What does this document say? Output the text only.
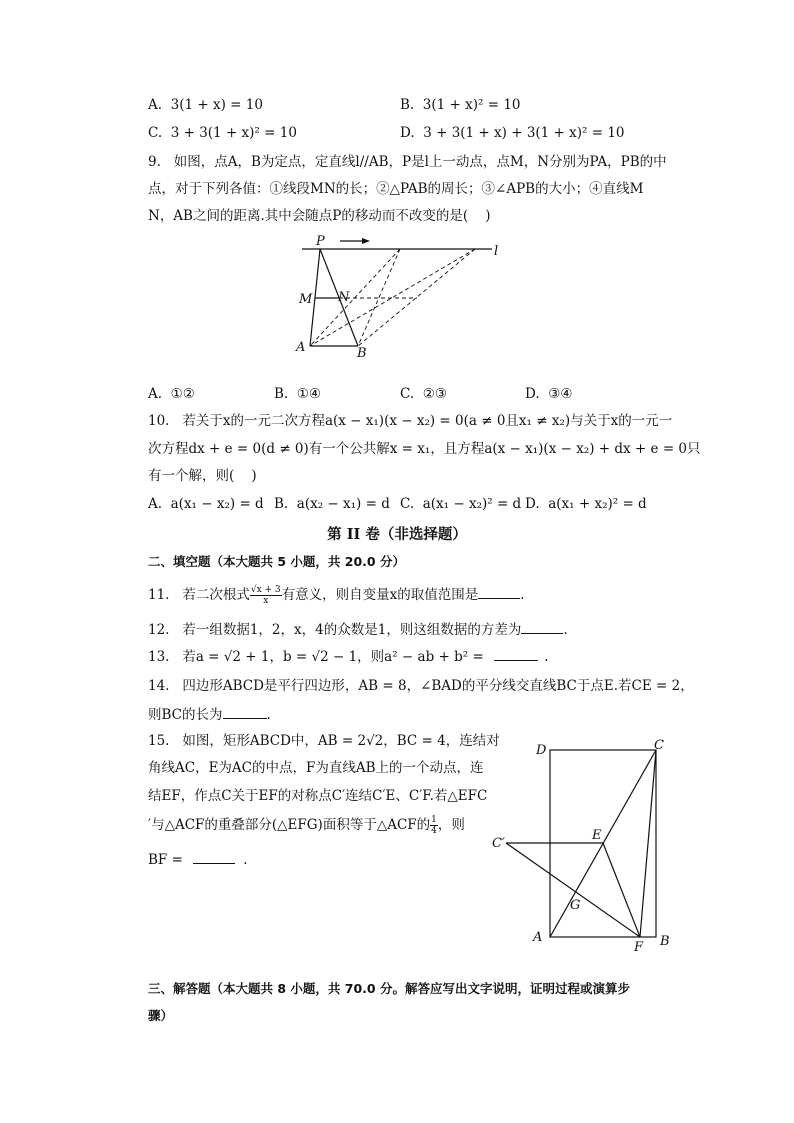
A.  3(1 + x) = 10	B.  3(1 + x)² = 10
C.  3 + 3(1 + x)² = 10	D.  3 + 3(1 + x) + 3(1 + x)² = 10
9.   如图，点A，B为定点，定直线l//AB，P是l上一动点，点M，N分别为PA，PB的中
点，对于下列各值：①线段MN的长；②△PAB的周长；③∠APB的大小；④直线M
N，AB之间的距离.其中会随点P的移动而不改变的是(    )
P
l
M N
A	B
A.  ①②	B.  ①④	C.  ②③	D.  ③④
10.   若关于x的一元二次方程a(x − x₁)(x − x₂) = 0(a ≠ 0且x₁ ≠ x₂)与关于x的一元一
次方程dx + e = 0(d ≠ 0)有一个公共解x = x₁，且方程a(x − x₁)(x − x₂) + dx + e = 0只
有一个解，则(    )
A.  a(x₁ − x₂) = d B.  a(x₂ − x₁) = d C.  a(x₁ − x₂)² = d D.  a(x₁ + x₂)² = d
第 II 卷（非选择题）
二、填空题（本大题共 5 小题，共 20.0 分）
11.   若二次根式 $\frac{√x + 3}{x}$ 有意义，则自变量x的取值范围是	.
12.   若一组数据1，2，x，4的众数是1，则这组数据的方差为	.
13.   若a = √2 + 1，b = √2 − 1，则a² − ab + b² =	.
14.   四边形ABCD是平行四边形，AB = 8，∠BAD的平分线交直线BC于点E.若CE = 2，
则BC的长为	.
15.   如图，矩形ABCD中，AB = 2√2，BC = 4，连结对
角线AC，E为AC的中点，F为直线AB上的一个动点，连
结EF，作点C关于EF的对称点C′连结C′E、C′F.若△EFC
′与△ACF的重叠部分(△EFG)面积等于△ACF的 $\frac{1}{4}$ ，则
BF =	.
D	C
E
C′
G
A
F B
三、解答题（本大题共 8 小题，共 70.0 分。解答应写出文字说明，证明过程或演算步
骤）
